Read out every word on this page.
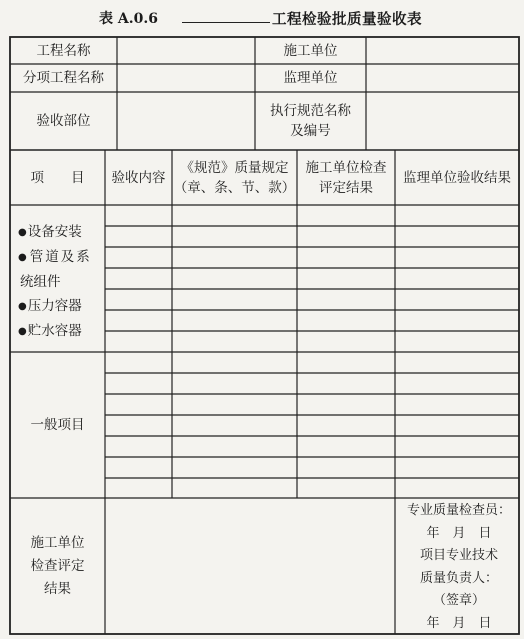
表 A.0.6	工程检验批质量验收表
工程名称
分项工程名称
验收部位
施工单位
监理单位
执行规范名称
及编号
项　　目	验收内容
《规范》质量规定
（章、条、节、款）
施工单位检查
评定结果
监理单位验收结果
● 设备安装
● 管道及系
统组件
● 压力容器
● 贮水容器
一般项目
施工单位
检查评定
结果
专业质量检查员：
年　月　日
项目专业技术
质量负责人：
（签章）
年　月　日
